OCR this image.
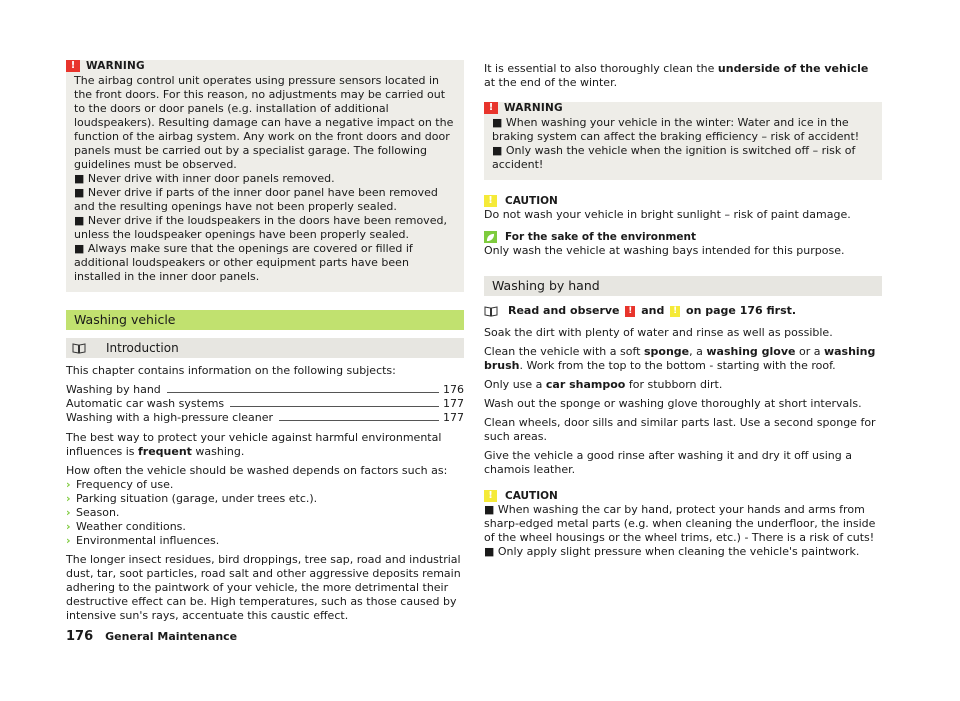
!	WARNING

The airbag control unit operates using pressure sensors located in the front doors. For this reason, no adjustments may be carried out to the doors or door panels (e.g. installation of additional loudspeakers). Resulting damage can have a negative impact on the function of the airbag system. Any work on the front doors and door panels must be carried out by a specialist garage. The following guidelines must be observed.

■ Never drive with inner door panels removed.

■ Never drive if parts of the inner door panel have been removed and the resulting openings have not been properly sealed.

■ Never drive if the loudspeakers in the doors have been removed, unless the loudspeaker openings have been properly sealed.

■ Always make sure that the openings are covered or filled if additional loudspeakers or other equipment parts have been installed in the inner door panels.

Washing vehicle
Introduction

This chapter contains information on the following subjects:

Washing by hand	176
Automatic car wash systems	177
Washing with a high-pressure cleaner	177

The best way to protect your vehicle against harmful environmental influences is frequent washing.

How often the vehicle should be washed depends on factors such as:

› Frequency of use.
› Parking situation (garage, under trees etc.).
› Season.
› Weather conditions.
› Environmental influences.

The longer insect residues, bird droppings, tree sap, road and industrial dust, tar, soot particles, road salt and other aggressive deposits remain adhering to the paintwork of your vehicle, the more detrimental their destructive effect can be. High temperatures, such as those caused by intensive sun's rays, accentuate this caustic effect.

It is essential to also thoroughly clean the underside of the vehicle at the end of the winter.

!	WARNING

■ When washing your vehicle in the winter: Water and ice in the braking system can affect the braking efficiency – risk of accident!

■ Only wash the vehicle when the ignition is switched off – risk of accident!

!	CAUTION

Do not wash your vehicle in bright sunlight – risk of paint damage.

For the sake of the environment

Only wash the vehicle at washing bays intended for this purpose.

Washing by hand
Read and observe ! and ! on page 176 first.

Soak the dirt with plenty of water and rinse as well as possible.

Clean the vehicle with a soft sponge, a washing glove or a washing brush. Work from the top to the bottom - starting with the roof.

Only use a car shampoo for stubborn dirt.

Wash out the sponge or washing glove thoroughly at short intervals.

Clean wheels, door sills and similar parts last. Use a second sponge for such areas.

Give the vehicle a good rinse after washing it and dry it off using a chamois leather.

!	CAUTION

■ When washing the car by hand, protect your hands and arms from sharp-edged metal parts (e.g. when cleaning the underfloor, the inside of the wheel housings or the wheel trims, etc.) - There is a risk of cuts!

■ Only apply slight pressure when cleaning the vehicle's paintwork.

176 General Maintenance
